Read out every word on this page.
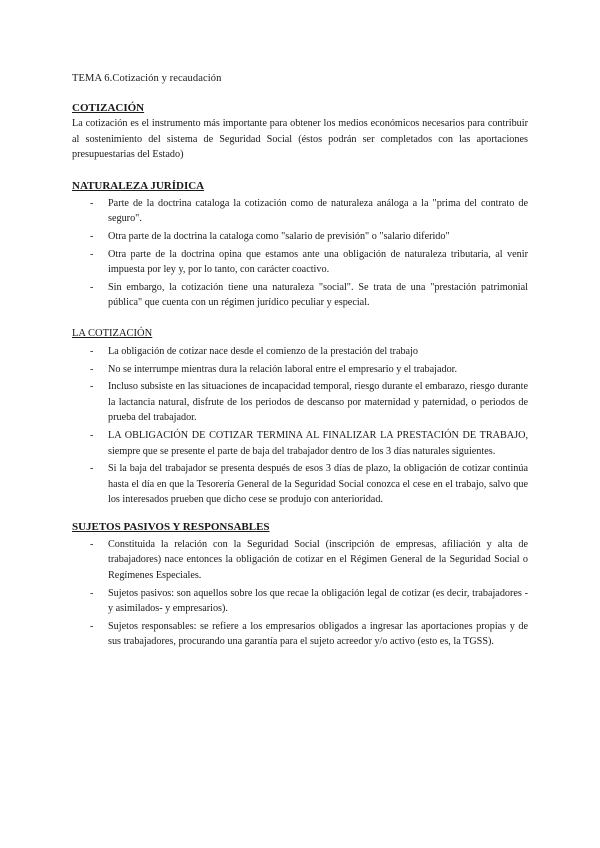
TEMA 6.Cotización y recaudación
COTIZACIÓN

La cotización es el instrumento más importante para obtener los medios económicos necesarios para contribuir al sostenimiento del sistema de Seguridad Social (éstos podrán ser completados con las aportaciones presupuestarias del Estado)

NATURALEZA JURÍDICA
- Parte de la doctrina cataloga la cotización como de naturaleza análoga a la "prima del contrato de seguro".
- Otra parte de la doctrina la cataloga como "salario de previsión" o "salario diferido"
- Otra parte de la doctrina opina que estamos ante una obligación de naturaleza tributaria, al venir impuesta por ley y, por lo tanto, con carácter coactivo.
- Sin embargo, la cotización tiene una naturaleza "social". Se trata de una "prestación patrimonial pública" que cuenta con un régimen jurídico peculiar y especial.
LA COTIZACIÓN
- La obligación de cotizar nace desde el comienzo de la prestación del trabajo
- No se interrumpe mientras dura la relación laboral entre el empresario y el trabajador.
- Incluso subsiste en las situaciones de incapacidad temporal, riesgo durante el embarazo, riesgo durante la lactancia natural, disfrute de los periodos de descanso por maternidad y paternidad, o periodos de prueba del trabajador.
- LA OBLIGACIÓN DE COTIZAR TERMINA AL FINALIZAR LA PRESTACIÓN DE TRABAJO, siempre que se presente el parte de baja del trabajador dentro de los 3 días naturales siguientes.
- Si la baja del trabajador se presenta después de esos 3 días de plazo, la obligación de cotizar continúa hasta el día en que la Tesorería General de la Seguridad Social conozca el cese en el trabajo, salvo que los interesados prueben que dicho cese se produjo con anterioridad.
SUJETOS PASIVOS Y RESPONSABLES
- Constituida la relación con la Seguridad Social (inscripción de empresas, afiliación y alta de trabajadores) nace entonces la obligación de cotizar en el Régimen General de la Seguridad Social o Regímenes Especiales.
- Sujetos pasivos: son aquellos sobre los que recae la obligación legal de cotizar (es decir, trabajadores -y asimilados- y empresarios).
- Sujetos responsables: se refiere a los empresarios obligados a ingresar las aportaciones propias y de sus trabajadores, procurando una garantía para el sujeto acreedor y/o activo (esto es, la TGSS).
